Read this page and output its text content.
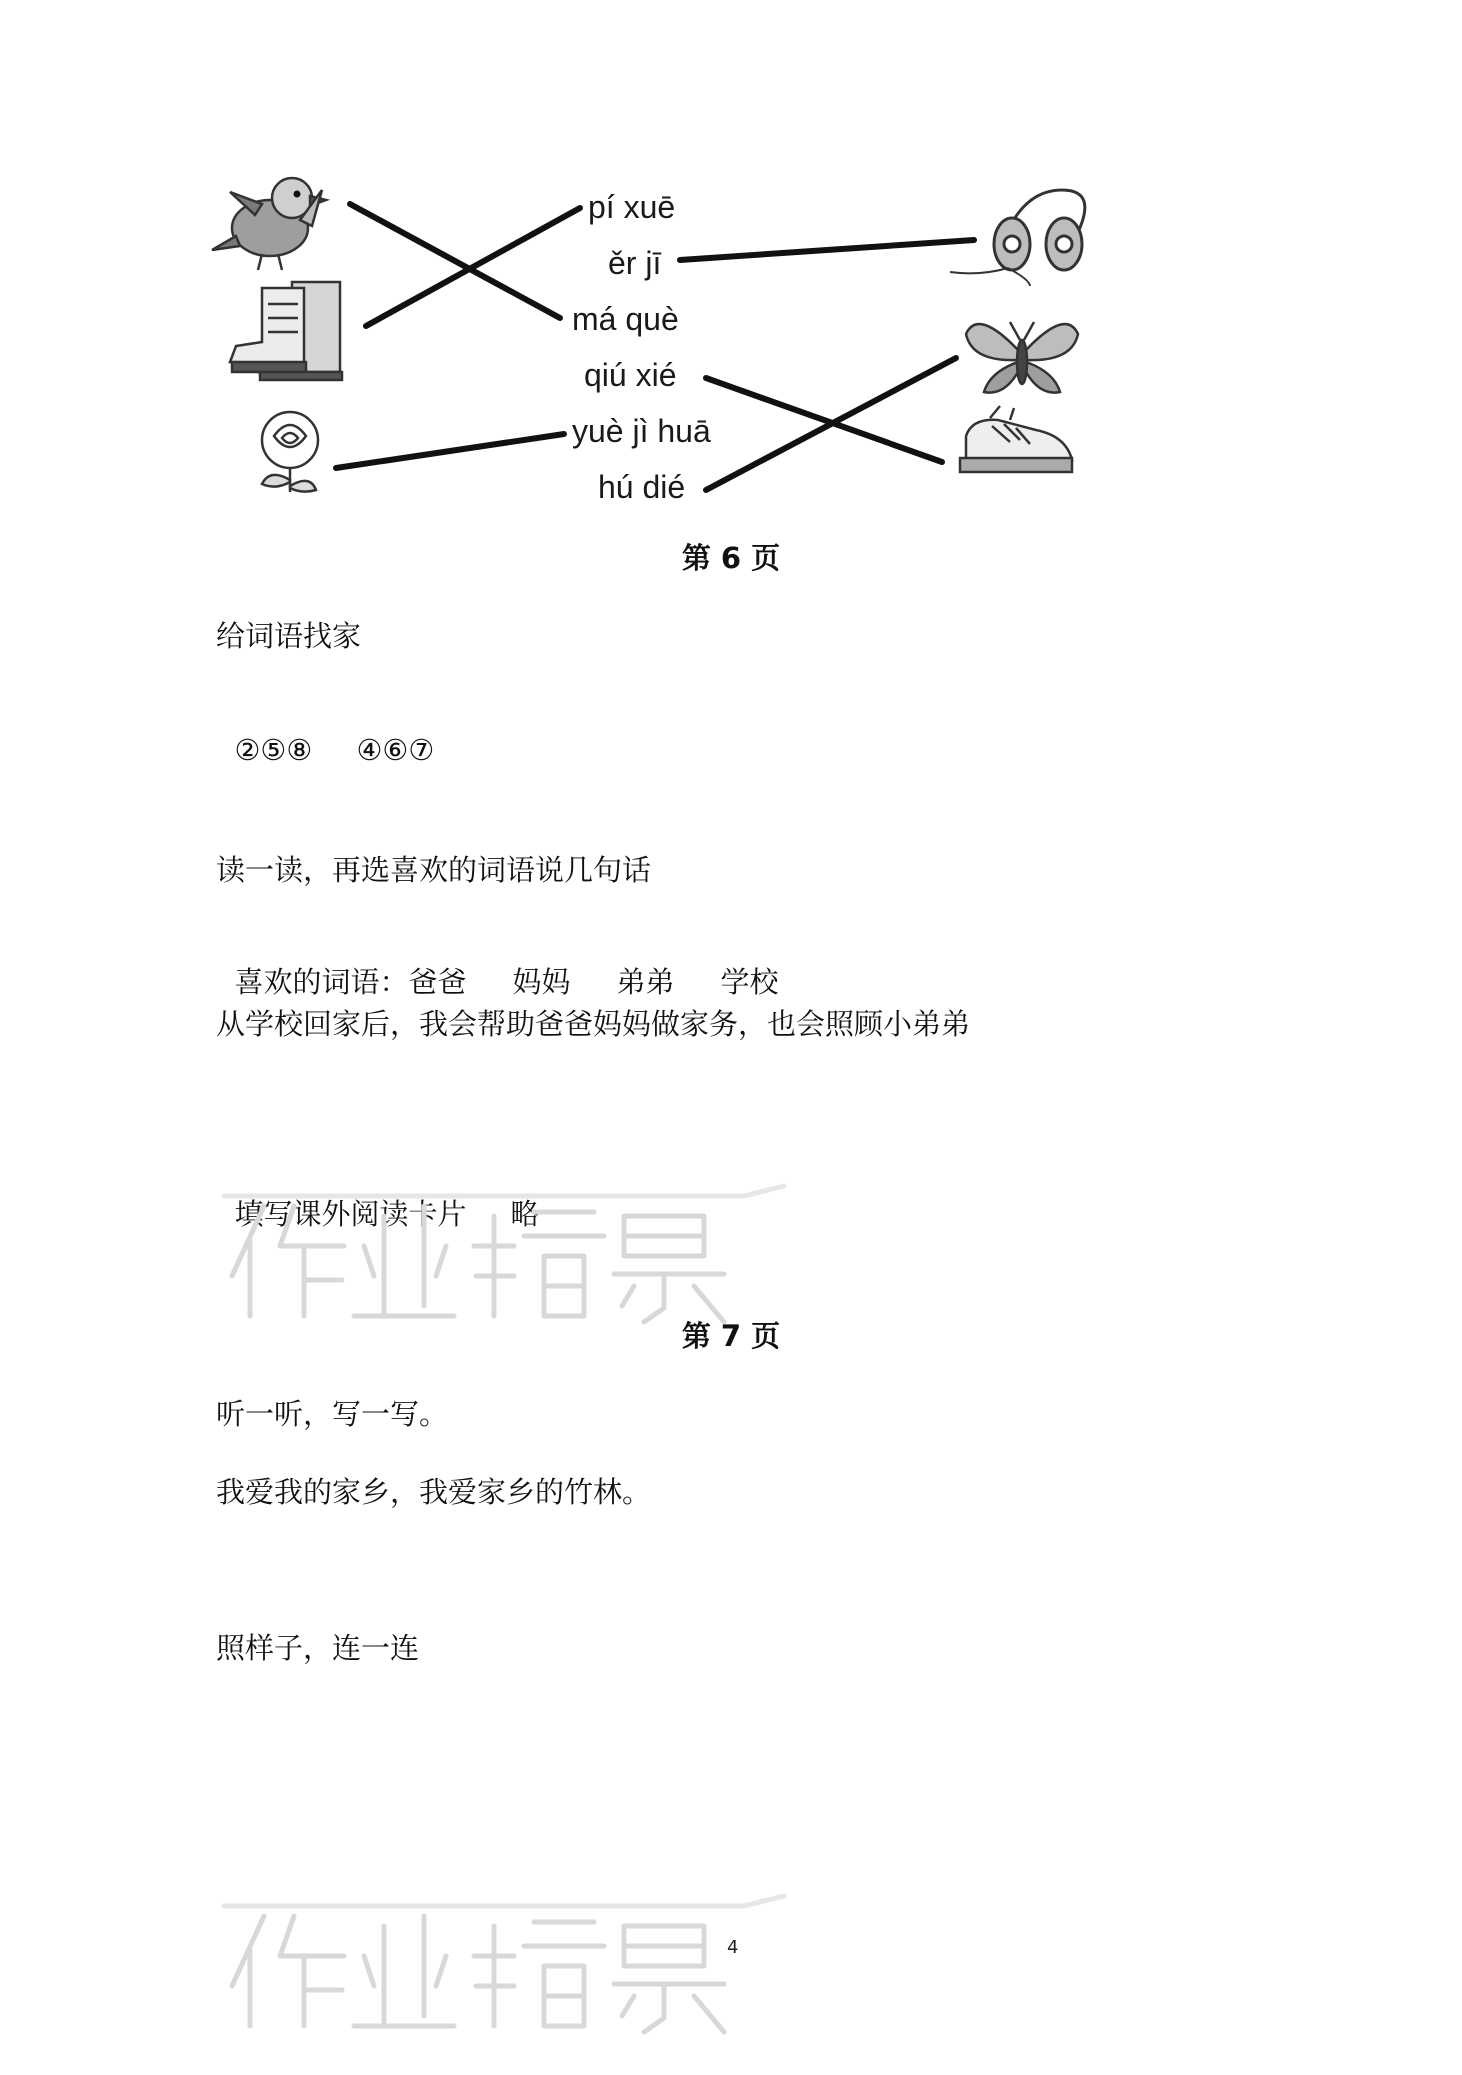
pí xuē
ěr jī
má què
qiú xié
yuè jì huā
hú dié

第 6 页

给词语找家

②⑤⑧ ④⑥⑦

读一读，再选喜欢的词语说几句话

喜欢的词语：爸爸 妈妈 弟弟 学校

从学校回家后，我会帮助爸爸妈妈做家务，也会照顾小弟弟

填写课外阅读卡片 略

第 7 页

听一听，写一写。

我爱我的家乡，我爱家乡的竹林。

照样子，连一连

4
